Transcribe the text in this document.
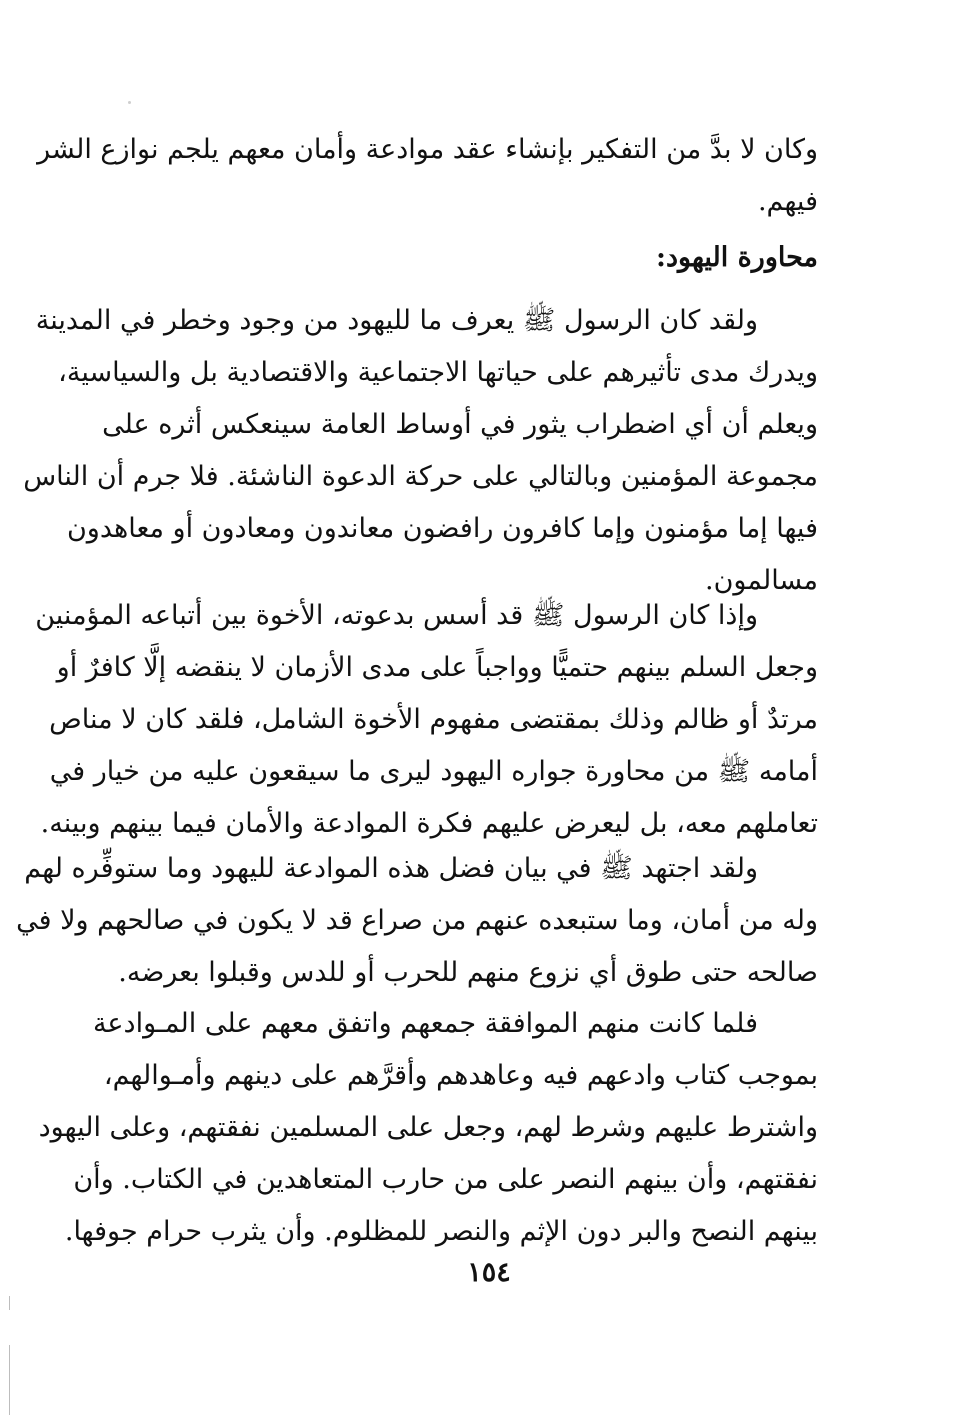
وكان لا بدَّ من التفكير بإنشاء عقد موادعة وأمان معهم يلجم نوازع الشر
فيهم.
محاورة اليهود:
ولقد كان الرسول ﷺ يعرف ما لليهود من وجود وخطر في المدينة
ويدرك مدى تأثيرهم على حياتها الاجتماعية والاقتصادية بل والسياسية،
ويعلم أن أي اضطراب يثور في أوساط العامة سينعكس أثره على
مجموعة المؤمنين وبالتالي على حركة الدعوة الناشئة. فلا جرم أن الناس
فيها إما مؤمنون وإما كافرون رافضون معاندون ومعادون أو معاهدون
مسالمون.
وإذا كان الرسول ﷺ قد أسس بدعوته، الأخوة بين أتباعه المؤمنين
وجعل السلم بينهم حتميًّا وواجباً على مدى الأزمان لا ينقضه إلَّا كافرٌ أو
مرتدٌ أو ظالم وذلك بمقتضى مفهوم الأخوة الشامل، فلقد كان لا مناص
أمامه ﷺ من محاورة جواره اليهود ليرى ما سيقعون عليه من خيار في
تعاملهم معه، بل ليعرض عليهم فكرة الموادعة والأمان فيما بينهم وبينه.
ولقد اجتهد ﷺ في بيان فضل هذه الموادعة لليهود وما ستوفِّره لهم
وله من أمان، وما ستبعده عنهم من صراع قد لا يكون في صالحهم ولا في
صالحه حتى طوق أي نزوع منهم للحرب أو للدس وقبلوا بعرضه.
فلما كانت منهم الموافقة جمعهم واتفق معهم على المـوادعة
بموجب كتاب وادعهم فيه وعاهدهم وأقرَّهم على دينهم وأمـوالهم،
واشترط عليهم وشرط لهم، وجعل على المسلمين نفقتهم، وعلى اليهود
نفقتهم، وأن بينهم النصر على من حارب المتعاهدين في الكتاب. وأن
بينهم النصح والبر دون الإثم والنصر للمظلوم. وأن يثرب حرام جوفها.
١٥٤
